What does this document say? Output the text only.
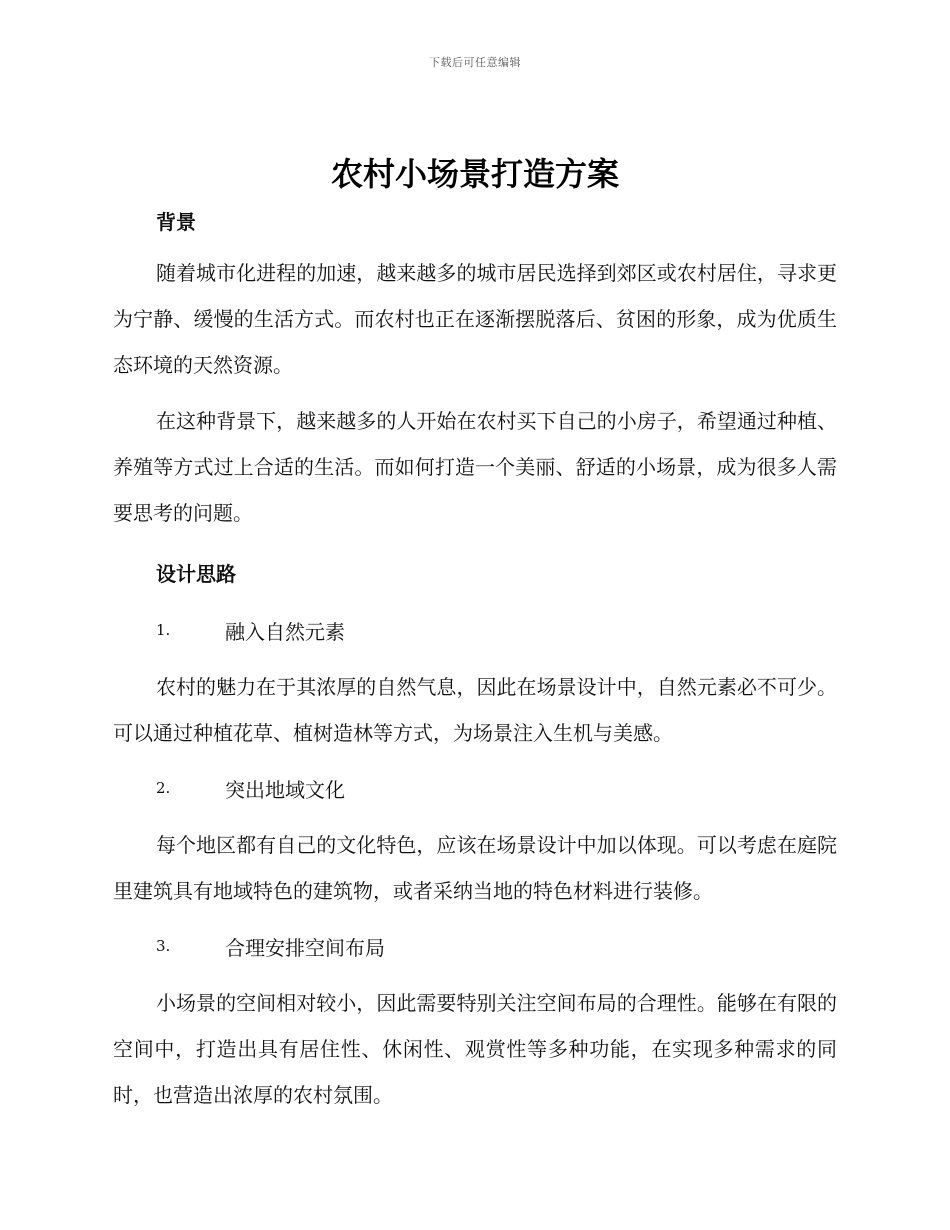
下载后可任意编辑
农村小场景打造方案
背景

随着城市化进程的加速，越来越多的城市居民选择到郊区或农村居住，寻求更为宁静、缓慢的生活方式。而农村也正在逐渐摆脱落后、贫困的形象，成为优质生态环境的天然资源。

在这种背景下，越来越多的人开始在农村买下自己的小房子，希望通过种植、养殖等方式过上合适的生活。而如何打造一个美丽、舒适的小场景，成为很多人需要思考的问题。

设计思路
1.	融入自然元素

农村的魅力在于其浓厚的自然气息，因此在场景设计中，自然元素必不可少。可以通过种植花草、植树造林等方式，为场景注入生机与美感。

2.	突出地域文化

每个地区都有自己的文化特色，应该在场景设计中加以体现。可以考虑在庭院里建筑具有地域特色的建筑物，或者采纳当地的特色材料进行装修。

3.	合理安排空间布局

小场景的空间相对较小，因此需要特别关注空间布局的合理性。能够在有限的空间中，打造出具有居住性、休闲性、观赏性等多种功能，在实现多种需求的同时，也营造出浓厚的农村氛围。
